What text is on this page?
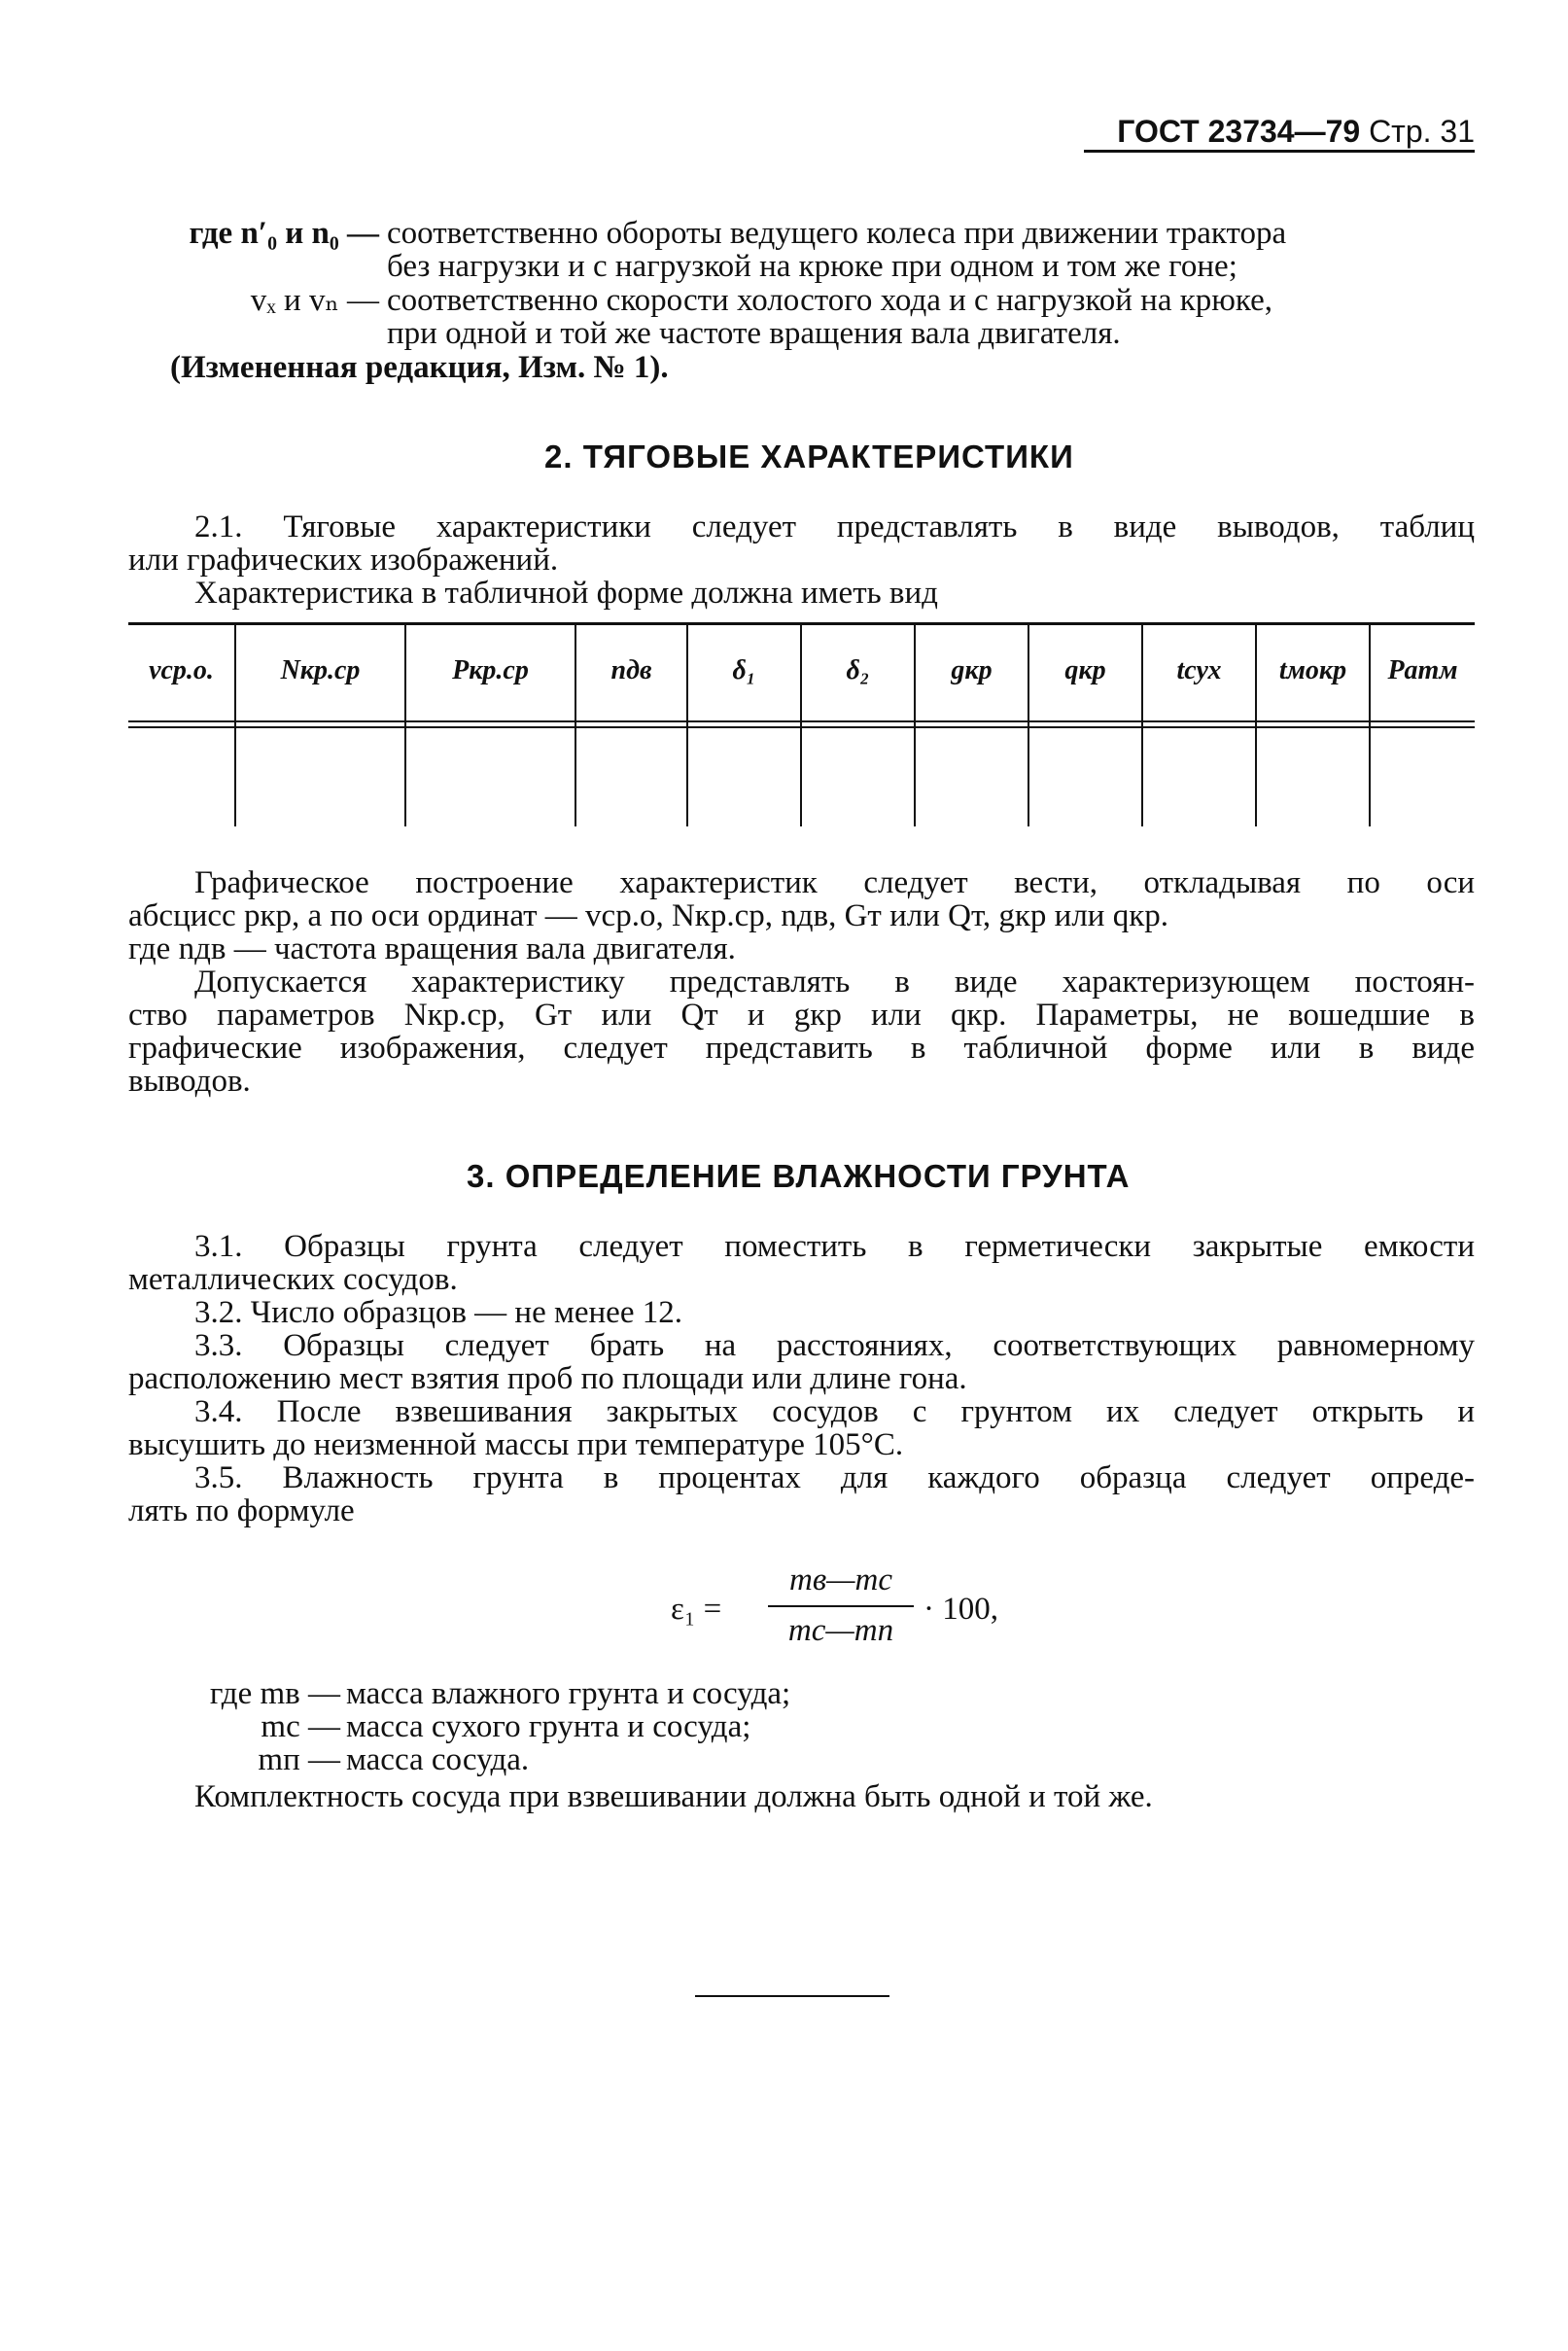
ГОСТ 23734—79 Стр. 31
где n′₀ и n₀ — соответственно обороты ведущего колеса при движении трактора
без нагрузки и с нагрузкой на крюке при одном и том же гоне;
vₓ и vₙ — соответственно скорости холостого хода и с нагрузкой на крюке,
при одной и той же частоте вращения вала двигателя.
(Измененная редакция, Изм. № 1).
2. ТЯГОВЫЕ ХАРАКТЕРИСТИКИ
2.1. Тяговые характеристики следует представлять в виде выводов, таблиц
или графических изображений.
Характеристика в табличной форме должна иметь вид
vср.о.	Nкр.ср	Pкр.ср	nдв	δ₁	δ₂	gкр	qкр	tсух	tмокр	Pатм

Графическое построение характеристик следует вести, откладывая по оси
абсцисс pкр, а по оси ординат — vср.о, Nкр.ср, nдв, Gт или Qт, gкр или qкр.
где nдв — частота вращения вала двигателя.
Допускается характеристику представлять в виде характеризующем постоян-
ство параметров Nкр.ср, Gт или Qт и gкр или qкр. Параметры, не вошедшие в
графические изображения, следует представить в табличной форме или в виде
выводов.
3. ОПРЕДЕЛЕНИЕ ВЛАЖНОСТИ ГРУНТА
3.1. Образцы грунта следует поместить в герметически закрытые емкости
металлических сосудов.
3.2. Число образцов — не менее 12.
3.3. Образцы следует брать на расстояниях, соответствующих равномерному
расположению мест взятия проб по площади или длине гона.
3.4. После взвешивания закрытых сосудов с грунтом их следует открыть и
высушить до неизменной массы при температуре 105°C.
3.5. Влажность грунта в процентах для каждого образца следует опреде-
лять по формуле
ε₁ =
mв—mс
mс—mп
· 100,
где mв — масса влажного грунта и сосуда;
mс — масса сухого грунта и сосуда;
mп — масса сосуда.
Комплектность сосуда при взвешивании должна быть одной и той же.
